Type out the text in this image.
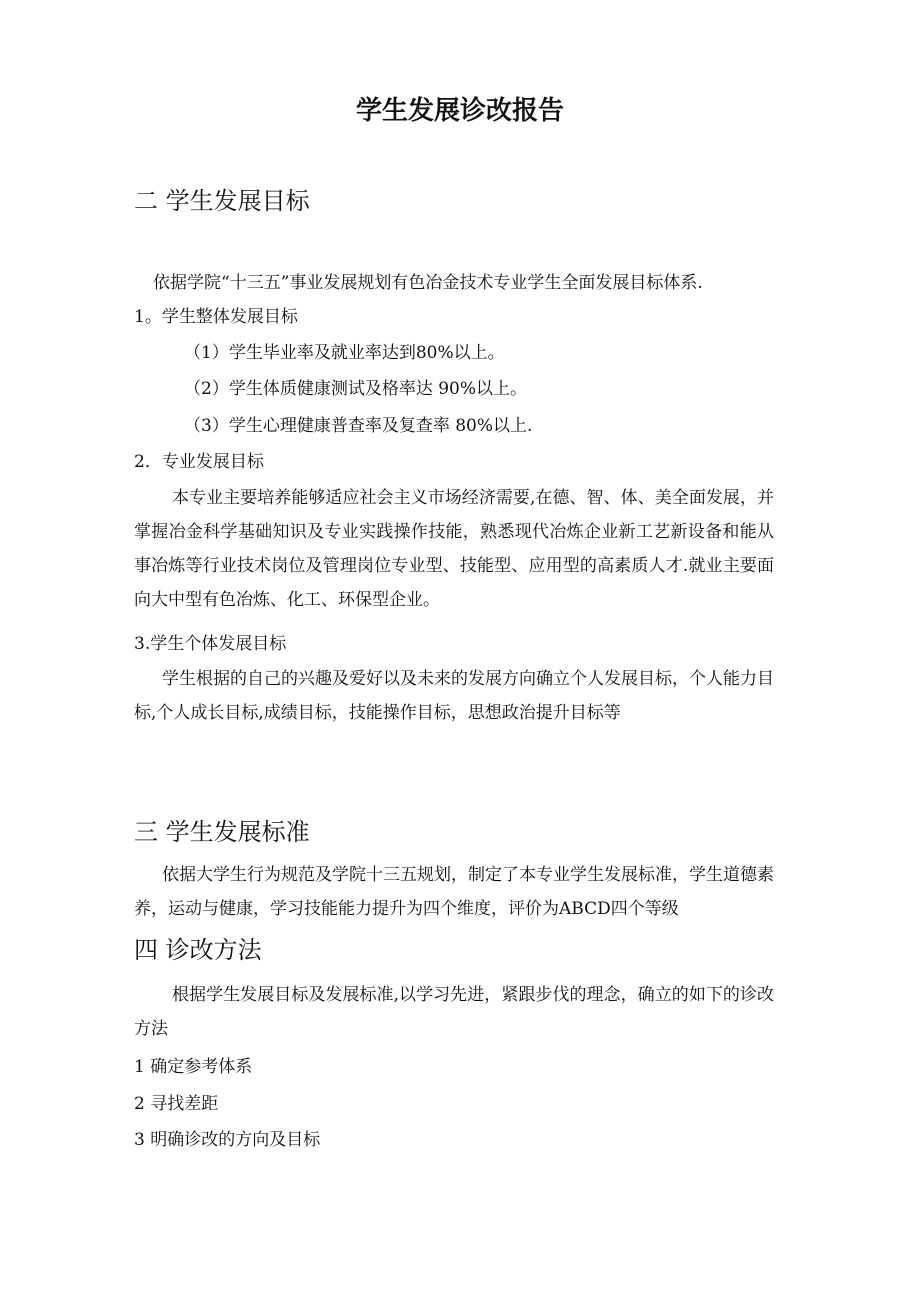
学生发展诊改报告
二 学生发展目标
依据学院“十三五”事业发展规划有色冶金技术专业学生全面发展目标体系.
1。学生整体发展目标
（1）学生毕业率及就业率达到80%以上。
（2）学生体质健康测试及格率达 90%以上。
（3）学生心理健康普查率及复查率 80%以上.
2．专业发展目标
本专业主要培养能够适应社会主义市场经济需要,在德、智、体、美全面发展，并掌握冶金科学基础知识及专业实践操作技能，熟悉现代冶炼企业新工艺新设备和能从事冶炼等行业技术岗位及管理岗位专业型、技能型、应用型的高素质人才.就业主要面向大中型有色冶炼、化工、环保型企业。
3.学生个体发展目标
学生根据的自己的兴趣及爱好以及未来的发展方向确立个人发展目标，个人能力目标,个人成长目标,成绩目标，技能操作目标，思想政治提升目标等
三 学生发展标准
依据大学生行为规范及学院十三五规划，制定了本专业学生发展标准，学生道德素养，运动与健康，学习技能能力提升为四个维度，评价为ABCD四个等级
四 诊改方法
根据学生发展目标及发展标准,以学习先进，紧跟步伐的理念，确立的如下的诊改方法
1 确定参考体系
2 寻找差距
3 明确诊改的方向及目标
